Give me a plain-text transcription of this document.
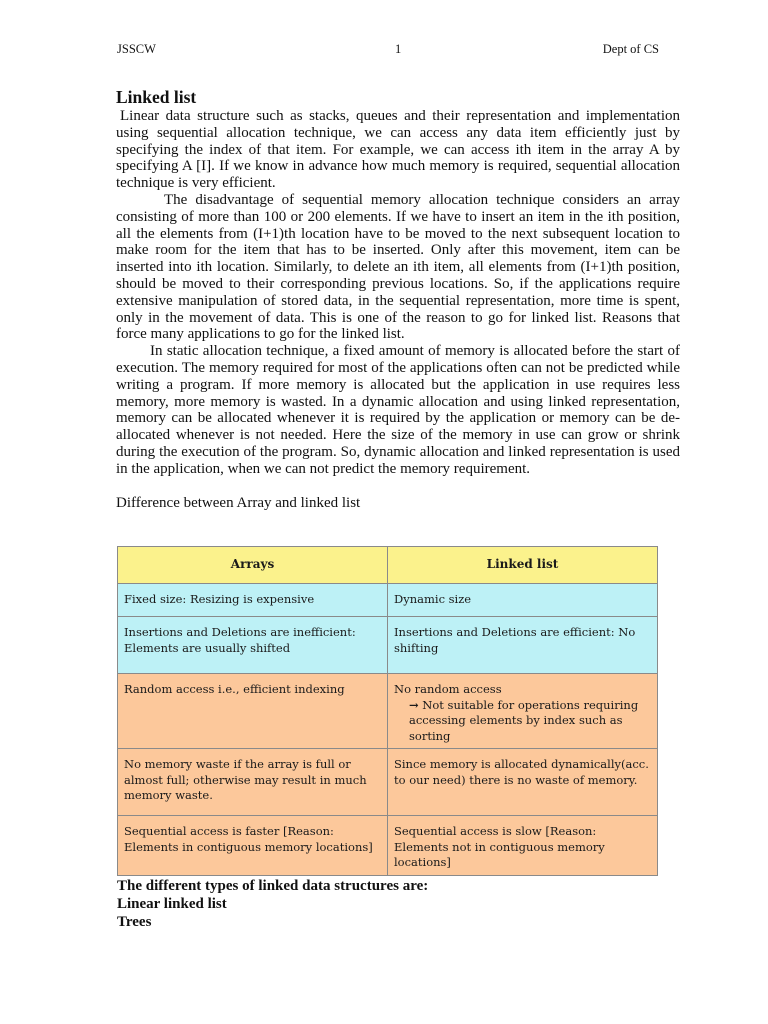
JSSCW	1	Dept of CS
Linked list

Linear data structure such as stacks, queues and their representation and implementation using sequential allocation technique, we can access any data item efficiently just by specifying the index of that item. For example, we can access ith item in the array A by specifying A [I]. If we know in advance how much memory is required, sequential allocation technique is very efficient.

The disadvantage of sequential memory allocation technique considers an array consisting of more than 100 or 200 elements. If we have to insert an item in the ith position, all the elements from (I+1)th location have to be moved to the next subsequent location to make room for the item that has to be inserted. Only after this movement, item can be inserted into ith location. Similarly, to delete an ith item, all elements from (I+1)th position, should be moved to their corresponding previous locations. So, if the applications require extensive manipulation of stored data, in the sequential representation, more time is spent, only in the movement of data. This is one of the reason to go for linked list. Reasons that force many applications to go for the linked list.

In static allocation technique, a fixed amount of memory is allocated before the start of execution. The memory required for most of the applications often can not be predicted while writing a program. If more memory is allocated but the application in use requires less memory, more memory is wasted. In a dynamic allocation and using linked representation, memory can be allocated whenever it is required by the application or memory can be de-allocated whenever is not needed. Here the size of the memory in use can grow or shrink during the execution of the program. So, dynamic allocation and linked representation is used in the application, when we can not predict the memory requirement.

Difference between Array and linked list
Arrays	Linked list
Fixed size: Resizing is expensive	Dynamic size
Insertions and Deletions are inefficient: Elements are usually shifted	Insertions and Deletions are efficient: No shifting
Random access i.e., efficient indexing	No random access
→ Not suitable for operations requiring accessing elements by index such as sorting

No memory waste if the array is full or almost full; otherwise may result in much memory waste.	Since memory is allocated dynamically(acc. to our need) there is no waste of memory.
Sequential access is faster [Reason: Elements in contiguous memory locations]	Sequential access is slow [Reason: Elements not in contiguous memory locations]
The different types of linked data structures are:
Linear linked list
Trees
